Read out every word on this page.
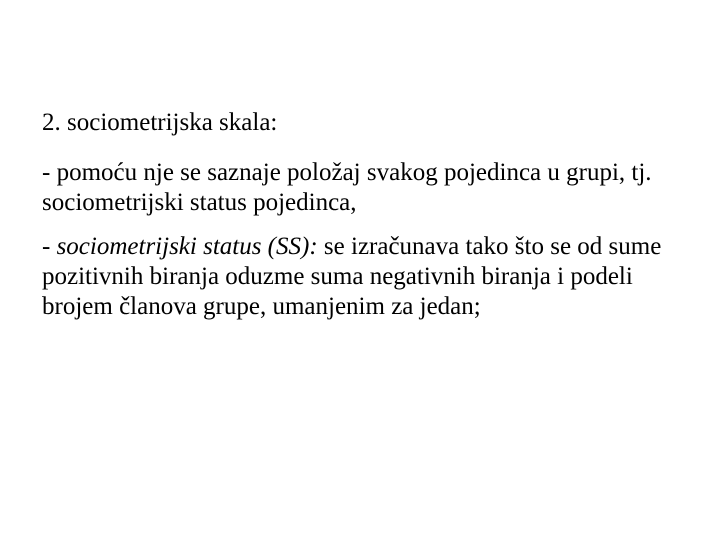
2. sociometrijska skala:

- pomoću nje se saznaje položaj svakog pojedinca u grupi, tj. sociometrijski status pojedinca,

- sociometrijski status (SS): se izračunava tako što se od sume pozitivnih biranja oduzme suma negativnih biranja i podeli brojem članova grupe, umanjenim za jedan;
